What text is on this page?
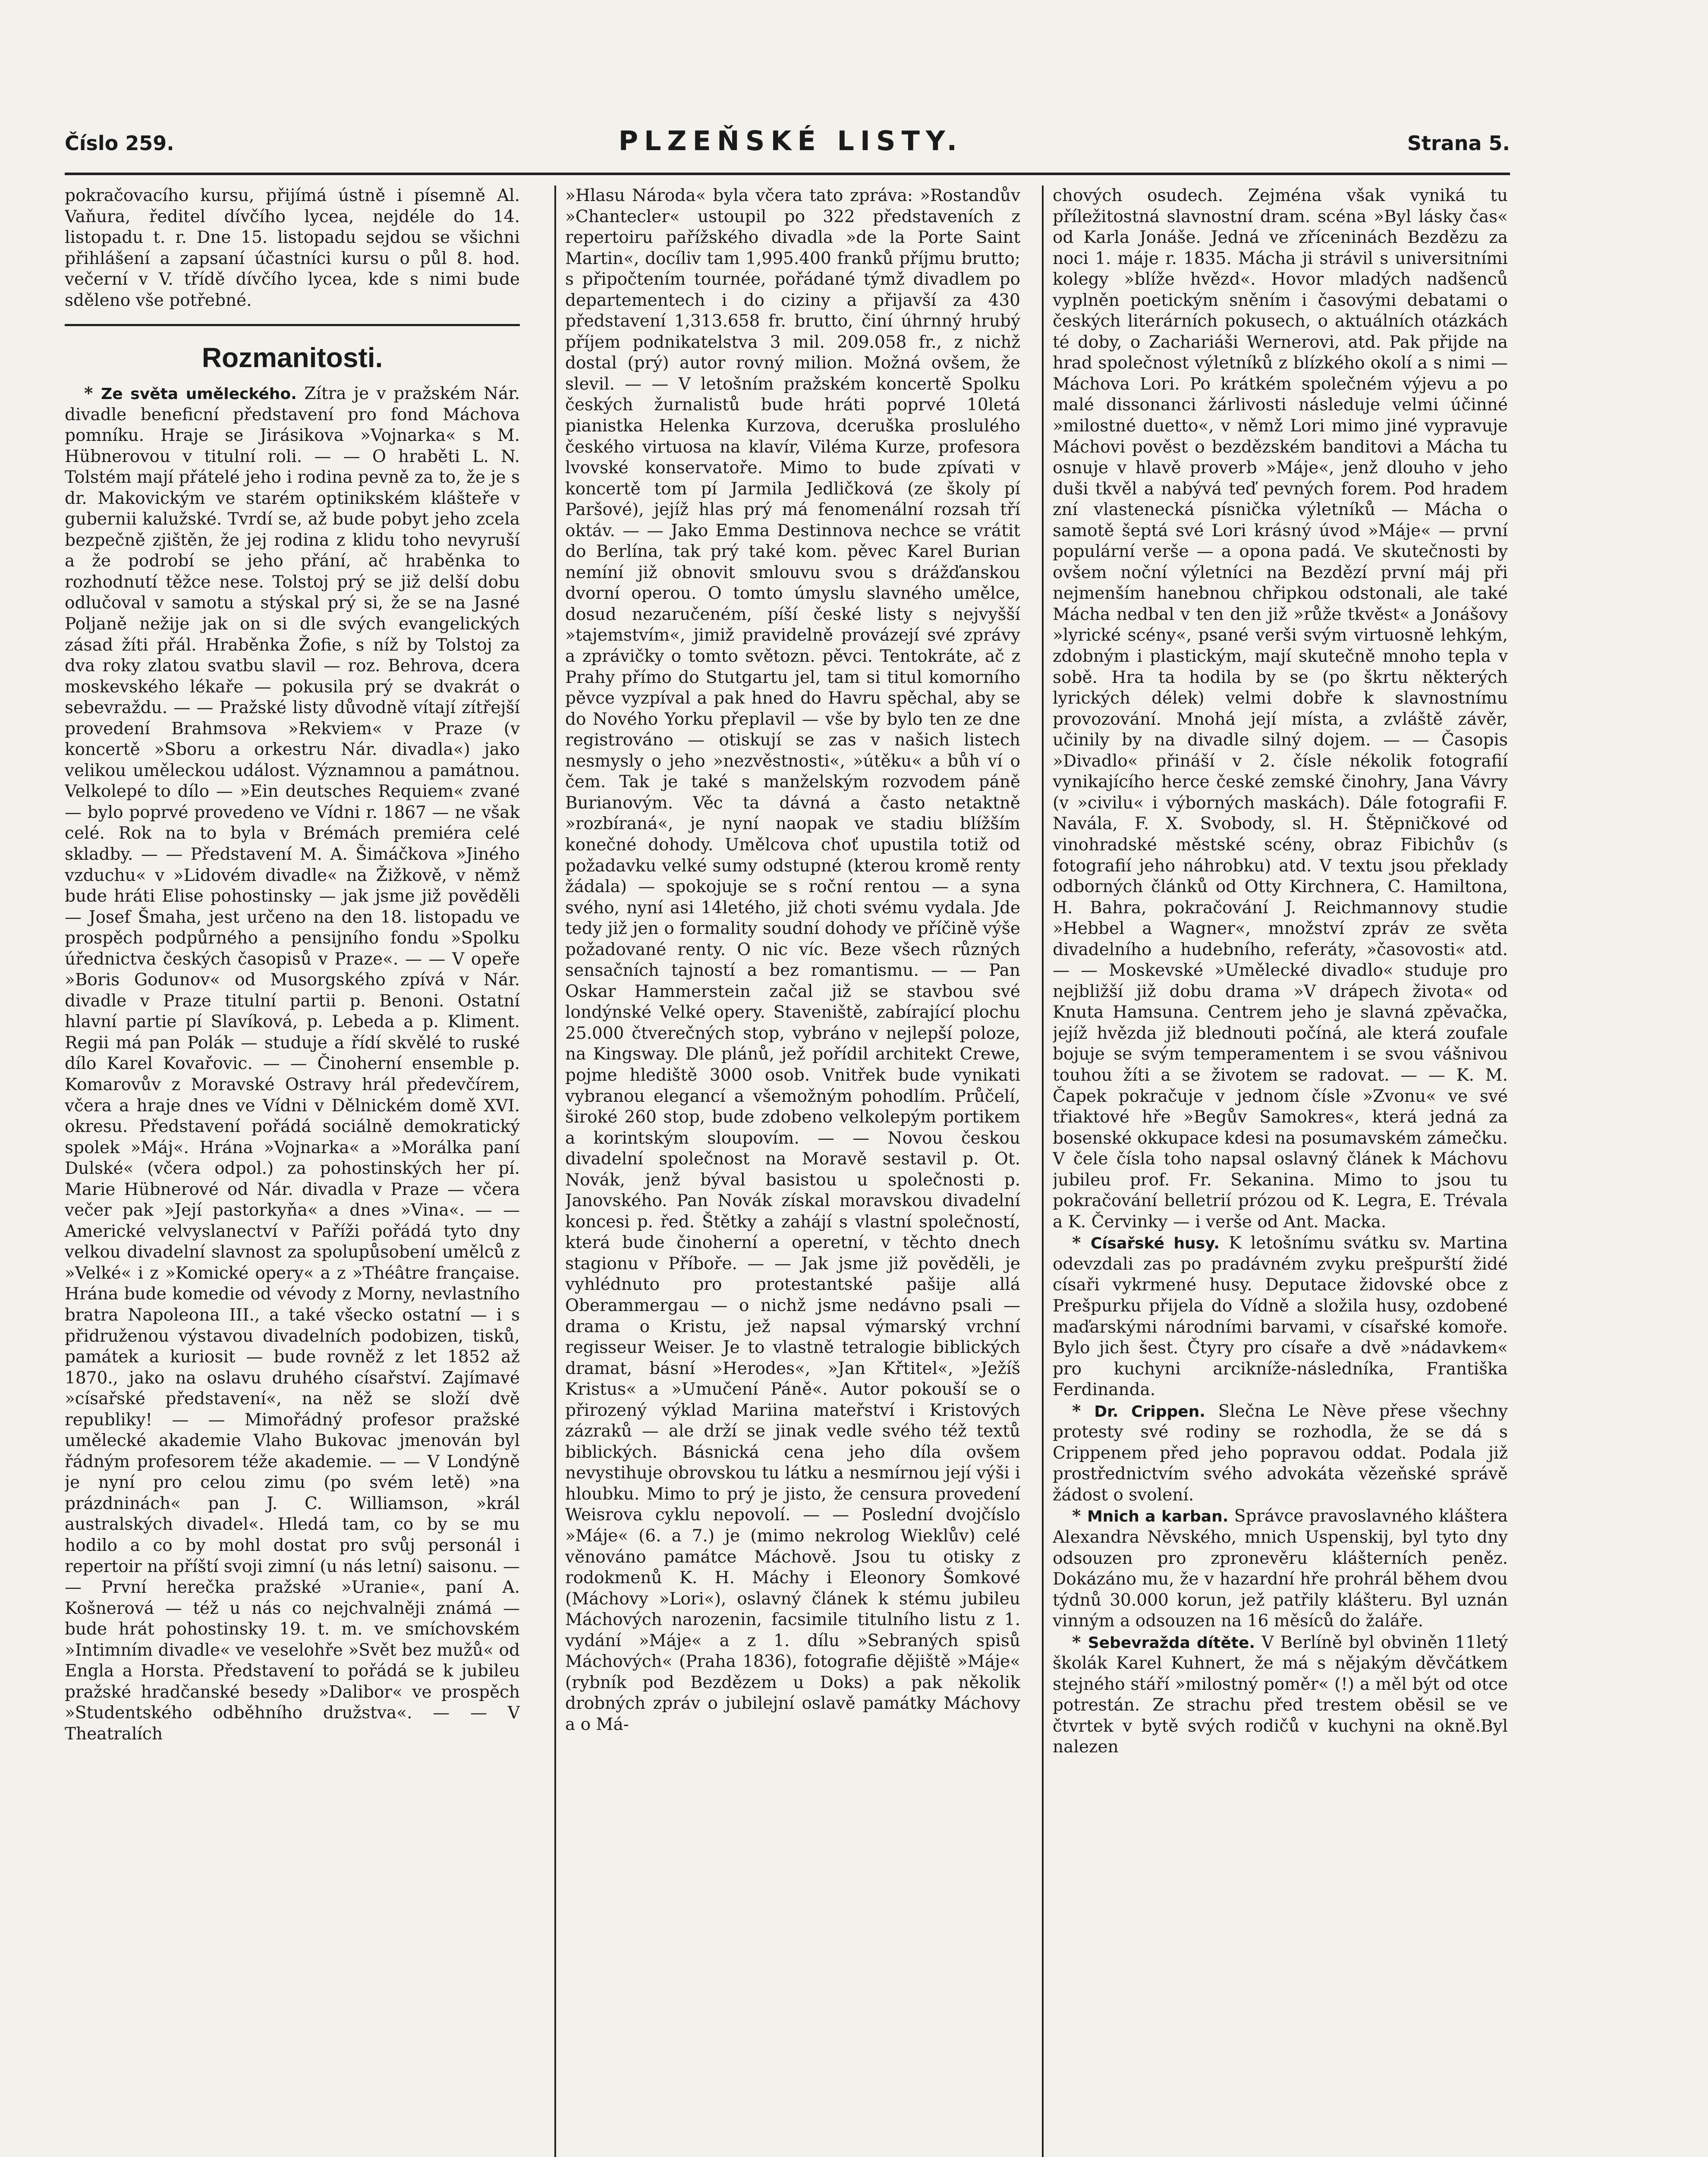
Číslo 259.	PLZEŇSKÉ LISTY.	Strana 5.

pokračovacího kursu, přijímá ústně i písemně Al. Vaňura, ředitel dívčího lycea, nejdéle do 14. listopadu t. r. Dne 15. listopadu sejdou se všichni přihlášení a zapsaní účastníci kursu o půl 8. hod. večerní v V. třídě dívčího lycea, kde s nimi bude sděleno vše potřebné.

Rozmanitosti.

* Ze světa uměleckého. Zítra je v pražském Nár. divadle beneficní představení pro fond Máchova pomníku. Hraje se Jirásikova »Vojnarka« s M. Hübnerovou v titulní roli. — — O hraběti L. N. Tolstém mají přátelé jeho i rodina pevně za to, že je s dr. Makovickým ve starém optinikském klášteře v gubernii kalužské. Tvrdí se, až bude pobyt jeho zcela bezpečně zjištěn, že jej rodina z klidu toho nevyruší a že podrobí se jeho přání, ač hraběnka to rozhodnutí těžce nese. Tolstoj prý se již delší dobu odlučoval v samotu a stýskal prý si, že se na Jasné Poljaně nežije jak on si dle svých evangelických zásad žíti přál. Hraběnka Žofie, s níž by Tolstoj za dva roky zlatou svatbu slavil — roz. Behrova, dcera moskevského lékaře — pokusila prý se dvakrát o sebevraždu. — — Pražské listy důvodně vítají zítřejší provedení Brahmsova »Rekviem« v Praze (v koncertě »Sboru a orkestru Nár. divadla«) jako velikou uměleckou událost. Významnou a památnou. Velkolepé to dílo — »Ein deutsches Requiem« zvané — bylo poprvé provedeno ve Vídni r. 1867 — ne však celé. Rok na to byla v Brémách premiéra celé skladby. — — Představení M. A. Šimáčkova »Jiného vzduchu« v »Lidovém divadle« na Žižkově, v němž bude hráti Elise pohostinsky — jak jsme již pověděli — Josef Šmaha, jest určeno na den 18. listopadu ve prospěch podpůrného a pensijního fondu »Spolku úřednictva českých časopisů v Praze«. — — V opeře »Boris Godunov« od Musorgského zpívá v Nár. divadle v Praze titulní partii p. Benoni. Ostatní hlavní partie pí Slavíková, p. Lebeda a p. Kliment. Regii má pan Polák — studuje a řídí skvělé to ruské dílo Karel Kovařovic. — — Činoherní ensemble p. Komarovův z Moravské Ostravy hrál předevčírem, včera a hraje dnes ve Vídni v Dělnickém domě XVI. okresu. Představení pořádá sociálně demokratický spolek »Máj«. Hrána »Vojnarka« a »Morálka paní Dulské« (včera odpol.) za pohostinských her pí. Marie Hübnerové od Nár. divadla v Praze — včera večer pak »Její pastorkyňa« a dnes »Vina«. — — Americké velvyslanectví v Paříži pořádá tyto dny velkou divadelní slavnost za spolupůsobení umělců z »Velké« i z »Komické opery« a z »Théâtre française. Hrána bude komedie od vévody z Morny, nevlastního bratra Napoleona III., a také všecko ostatní — i s přidruženou výstavou divadelních podobizen, tisků, památek a kuriosit — bude rovněž z let 1852 až 1870., jako na oslavu druhého císařství. Zajímavé »císařské představení«, na něž se složí dvě republiky! — — Mimořádný profesor pražské umělecké akademie Vlaho Bukovac jmenován byl řádným profesorem téže akademie. — — V Londýně je nyní pro celou zimu (po svém letě) »na prázdninách« pan J. C. Williamson, »král australských divadel«. Hledá tam, co by se mu hodilo a co by mohl dostat pro svůj personál i repertoir na příští svoji zimní (u nás letní) saisonu. — — První herečka pražské »Uranie«, paní A. Košnerová — též u nás co nejchvalněji známá — bude hrát pohostinsky 19. t. m. ve smíchovském »Intimním divadle« ve veselohře »Svět bez mužů« od Engla a Horsta. Představení to pořádá se k jubileu pražské hradčanské besedy »Dalibor« ve prospěch »Studentského odběhního družstva«. — — V Theatralích

»Hlasu Národa« byla včera tato zpráva: »Rostandův »Chantecler« ustoupil po 322 představeních z repertoiru pařížského divadla »de la Porte Saint Martin«, docíliv tam 1,995.400 franků příjmu brutto; s připočtením tournée, pořádané týmž divadlem po departementech i do ciziny a přijavší za 430 představení 1,313.658 fr. brutto, činí úhrnný hrubý příjem podnikatelstva 3 mil. 209.058 fr., z nichž dostal (prý) autor rovný milion. Možná ovšem, že slevil. — — V letošním pražském koncertě Spolku českých žurnalistů bude hráti poprvé 10letá pianistka Helenka Kurzova, dceruška proslulého českého virtuosa na klavír, Viléma Kurze, profesora lvovské konservatoře. Mimo to bude zpívati v koncertě tom pí Jarmila Jedličková (ze školy pí Paršové), jejíž hlas prý má fenomenální rozsah tří oktáv. — — Jako Emma Destinnova nechce se vrátit do Berlína, tak prý také kom. pěvec Karel Burian nemíní již obnovit smlouvu svou s drážďanskou dvorní operou. O tomto úmyslu slavného umělce, dosud nezaručeném, píší české listy s nejvyšší »tajemstvím«, jimiž pravidelně provázejí své zprávy a zprávičky o tomto světozn. pěvci. Tentokráte, ač z Prahy přímo do Stutgartu jel, tam si titul komorního pěvce vyzpíval a pak hned do Havru spěchal, aby se do Nového Yorku přeplavil — vše by bylo ten ze dne registrováno — otiskují se zas v našich listech nesmysly o jeho »nezvěstnosti«, »útěku« a bůh ví o čem. Tak je také s manželským rozvodem páně Burianovým. Věc ta dávná a často netaktně »rozbíraná«, je nyní naopak ve stadiu blížším konečné dohody. Umělcova choť upustila totiž od požadavku velké sumy odstupné (kterou kromě renty žádala) — spokojuje se s roční rentou — a syna svého, nyní asi 14letého, již choti svému vydala. Jde tedy již jen o formality soudní dohody ve příčině výše požadované renty. O nic víc. Beze všech různých sensačních tajností a bez romantismu. — — Pan Oskar Hammerstein začal již se stavbou své londýnské Velké opery. Staveniště, zabírající plochu 25.000 čtverečných stop, vybráno v nejlepší poloze, na Kingsway. Dle plánů, jež pořídil architekt Crewe, pojme hlediště 3000 osob. Vnitřek bude vynikati vybranou elegancí a všemožným pohodlím. Průčelí, široké 260 stop, bude zdobeno velkolepým portikem a korintským sloupovím. — — Novou českou divadelní společnost na Moravě sestavil p. Ot. Novák, jenž býval basistou u společnosti p. Janovského. Pan Novák získal moravskou divadelní koncesi p. řed. Štětky a zahájí s vlastní společností, která bude činoherní a operetní, v těchto dnech stagionu v Příboře. — — Jak jsme již pověděli, je vyhlédnuto pro protestantské pašije allá Oberammergau — o nichž jsme nedávno psali — drama o Kristu, jež napsal výmarský vrchní regisseur Weiser. Je to vlastně tetralogie biblických dramat, básní »Herodes«, »Jan Křtitel«, »Ježíš Kristus« a »Umučení Páně«. Autor pokouší se o přirozený výklad Mariina mateřství i Kristových zázraků — ale drží se jinak vedle svého též textů biblických. Básnická cena jeho díla ovšem nevystihuje obrovskou tu látku a nesmírnou její výši i hloubku. Mimo to prý je jisto, že censura provedení Weisrova cyklu nepovolí. — — Poslední dvojčíslo »Máje« (6. a 7.) je (mimo nekrolog Wieklův) celé věnováno památce Máchově. Jsou tu otisky z rodokmenů K. H. Máchy i Eleonory Šomkové (Máchovy »Lori«), oslavný článek k stému jubileu Máchových narozenin, facsimile titulního listu z 1. vydání »Máje« a z 1. dílu »Sebraných spisů Máchových« (Praha 1836), fotografie dějiště »Máje« (rybník pod Bezdězem u Doks) a pak několik drobných zpráv o jubilejní oslavě památky Máchovy a o Má-

chových osudech. Zejména však vyniká tu příležitostná slavnostní dram. scéna »Byl lásky čas« od Karla Jonáše. Jedná ve zříceninách Bezdězu za noci 1. máje r. 1835. Mácha ji strávil s universitními kolegy »blíže hvězd«. Hovor mladých nadšenců vyplněn poetickým sněním i časovými debatami o českých literárních pokusech, o aktuálních otázkách té doby, o Zachariáši Wernerovi, atd. Pak přijde na hrad společnost výletníků z blízkého okolí a s nimi — Máchova Lori. Po krátkém společném výjevu a po malé dissonanci žárlivosti následuje velmi účinné »milostné duetto«, v němž Lori mimo jiné vypravuje Máchovi pověst o bezdězském banditovi a Mácha tu osnuje v hlavě proverb »Máje«, jenž dlouho v jeho duši tkvěl a nabývá teď pevných forem. Pod hradem zní vlastenecká písnička výletníků — Mácha o samotě šeptá své Lori krásný úvod »Máje« — první populární verše — a opona padá. Ve skutečnosti by ovšem noční výletníci na Bezdězí první máj při nejmenším hanebnou chřipkou odstonali, ale také Mácha nedbal v ten den již »růže tkvěst« a Jonášovy »lyrické scény«, psané verši svým virtuosně lehkým, zdobným i plastickým, mají skutečně mnoho tepla v sobě. Hra ta hodila by se (po škrtu některých lyrických délek) velmi dobře k slavnostnímu provozování. Mnohá její místa, a zvláště závěr, učinily by na divadle silný dojem. — — Časopis »Divadlo« přináší v 2. čísle nékolik fotografií vynikajícího herce české zemské činohry, Jana Vávry (v »civilu« i výborných maskách). Dále fotografii F. Navála, F. X. Svobody, sl. H. Štěpničkové od vinohradské městské scény, obraz Fibichův (s fotografií jeho náhrobku) atd. V textu jsou překlady odborných článků od Otty Kirchnera, C. Hamiltona, H. Bahra, pokračování J. Reichmannovy studie »Hebbel a Wagner«, množství zpráv ze světa divadelního a hudebního, referáty, »časovosti« atd. — — Moskevské »Umělecké divadlo« studuje pro nejbližší již dobu drama »V drápech života« od Knuta Hamsuna. Centrem jeho je slavná zpěvačka, jejíž hvězda již blednouti počíná, ale která zoufale bojuje se svým temperamentem i se svou vášnivou touhou žíti a se životem se radovat. — — K. M. Čapek pokračuje v jednom čísle »Zvonu« ve své třiaktové hře »Begův Samokres«, která jedná za bosenské okkupace kdesi na posumavském zámečku. V čele čísla toho napsal oslavný článek k Máchovu jubileu prof. Fr. Sekanina. Mimo to jsou tu pokračování belletrií prózou od K. Legra, E. Trévala a K. Červinky — i verše od Ant. Macka.

* Císařské husy. K letošnímu svátku sv. Martina odevzdali zas po pradávném zvyku prešpurští židé císaři vykrmené husy. Deputace židovské obce z Prešpurku přijela do Vídně a složila husy, ozdobené maďarskými národními barvami, v císařské komoře. Bylo jich šest. Čtyry pro císaře a dvě »nádavkem« pro kuchyni arcikníže-následníka, Františka Ferdinanda.

* Dr. Crippen. Slečna Le Nève přese všechny protesty své rodiny se rozhodla, že se dá s Crippenem před jeho popravou oddat. Podala již prostřednictvím svého advokáta vězeňské správě žádost o svolení.

* Mnich a karban. Správce pravoslavného kláštera Alexandra Něvského, mnich Uspenskij, byl tyto dny odsouzen pro zpronevěru klášterních peněz. Dokázáno mu, že v hazardní hře prohrál během dvou týdnů 30.000 korun, jež patřily klášteru. Byl uznán vinným a odsouzen na 16 měsíců do žaláře.

* Sebevražda dítěte. V Berlíně byl obviněn 11letý školák Karel Kuhnert, že má s nějakým děvčátkem stejného stáří »milostný poměr« (!) a měl být od otce potrestán. Ze strachu před trestem oběsil se ve čtvrtek v bytě svých rodičů v kuchyni na okně.Byl nalezen
